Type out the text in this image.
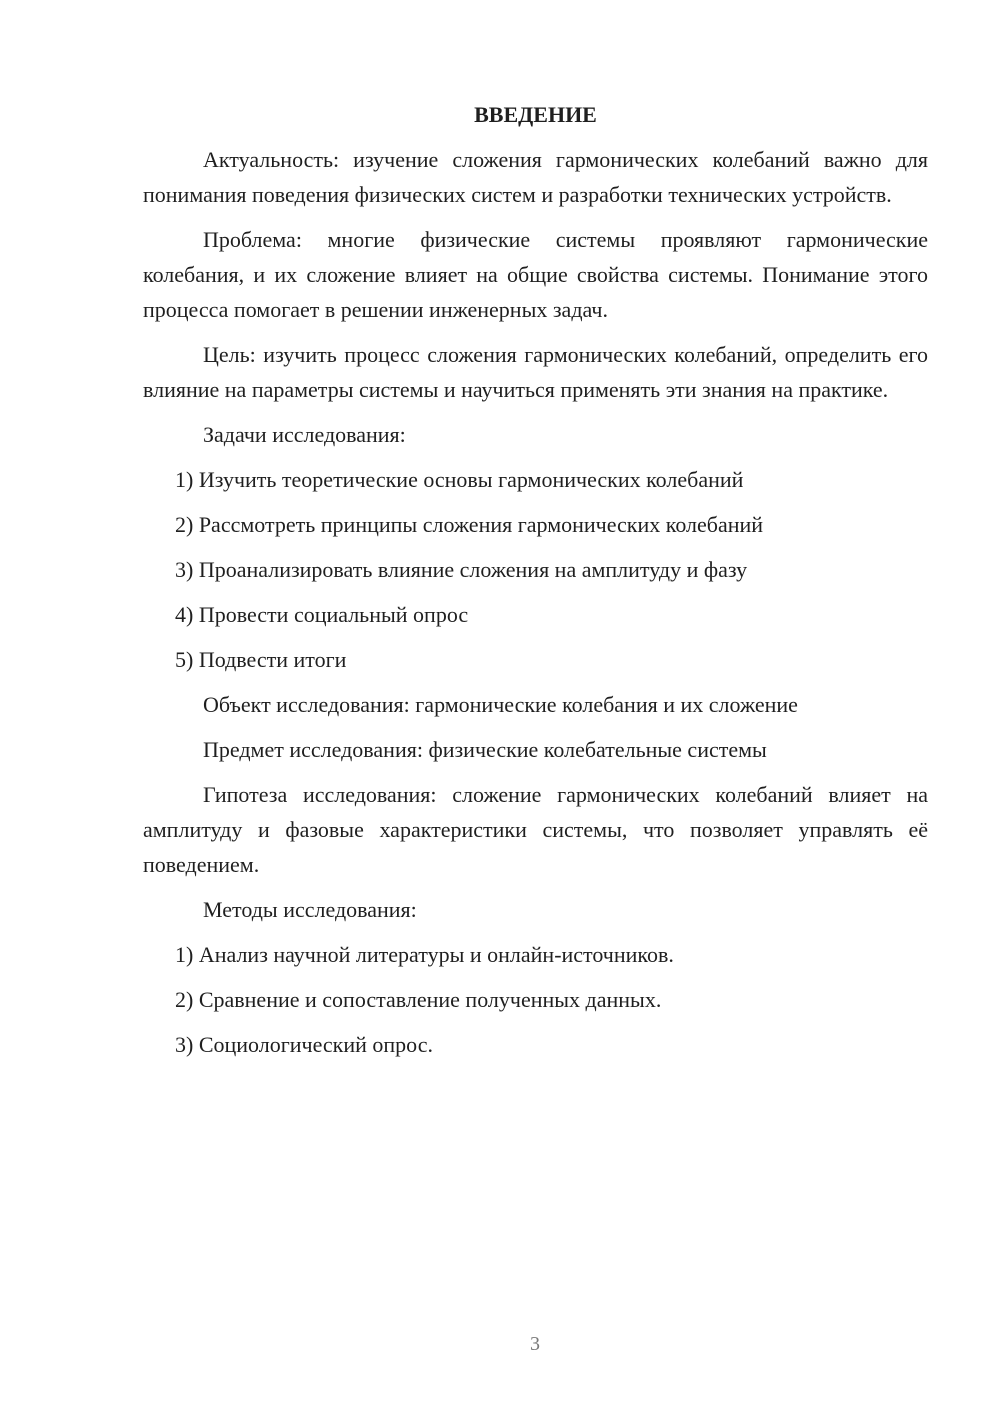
ВВЕДЕНИЕ

Актуальность: изучение сложения гармонических колебаний важно для понимания поведения физических систем и разработки технических устройств.

Проблема: многие физические системы проявляют гармонические колебания, и их сложение влияет на общие свойства системы. Понимание этого процесса помогает в решении инженерных задач.

Цель: изучить процесс сложения гармонических колебаний, определить его влияние на параметры системы и научиться применять эти знания на практике.

Задачи исследования:

1) Изучить теоретические основы гармонических колебаний

2) Рассмотреть принципы сложения гармонических колебаний

3) Проанализировать влияние сложения на амплитуду и фазу

4) Провести социальный опрос

5) Подвести итоги

Объект исследования: гармонические колебания и их сложение

Предмет исследования: физические колебательные системы

Гипотеза исследования: сложение гармонических колебаний влияет на амплитуду и фазовые характеристики системы, что позволяет управлять её поведением.

Методы исследования:

1) Анализ научной литературы и онлайн-источников.

2) Сравнение и сопоставление полученных данных.

3) Социологический опрос.

3
